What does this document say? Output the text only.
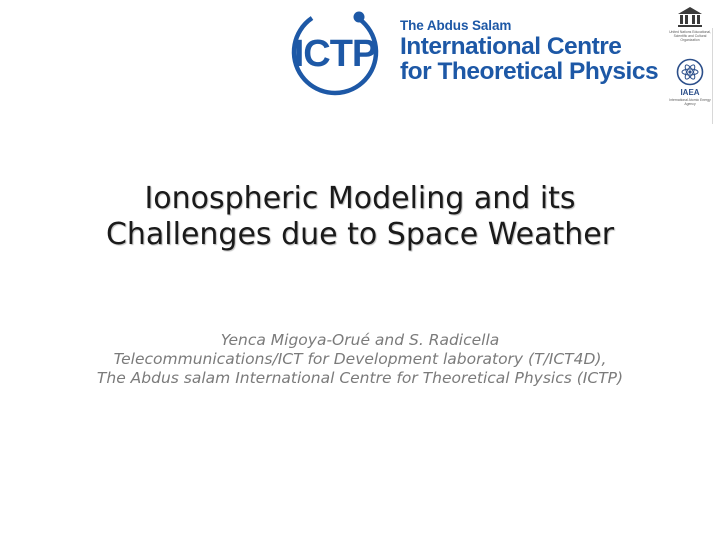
ICTP
The Abdus Salam
International Centre
for Theoretical Physics
United Nations Educational, Scientific and Cultural Organization
IAEA
International Atomic Energy Agency
Ionospheric Modeling and its
Challenges due to Space Weather
Yenca Migoya-Orué and S. Radicella
Telecommunications/ICT for Development laboratory (T/ICT4D),
The Abdus salam International Centre for Theoretical Physics (ICTP)
